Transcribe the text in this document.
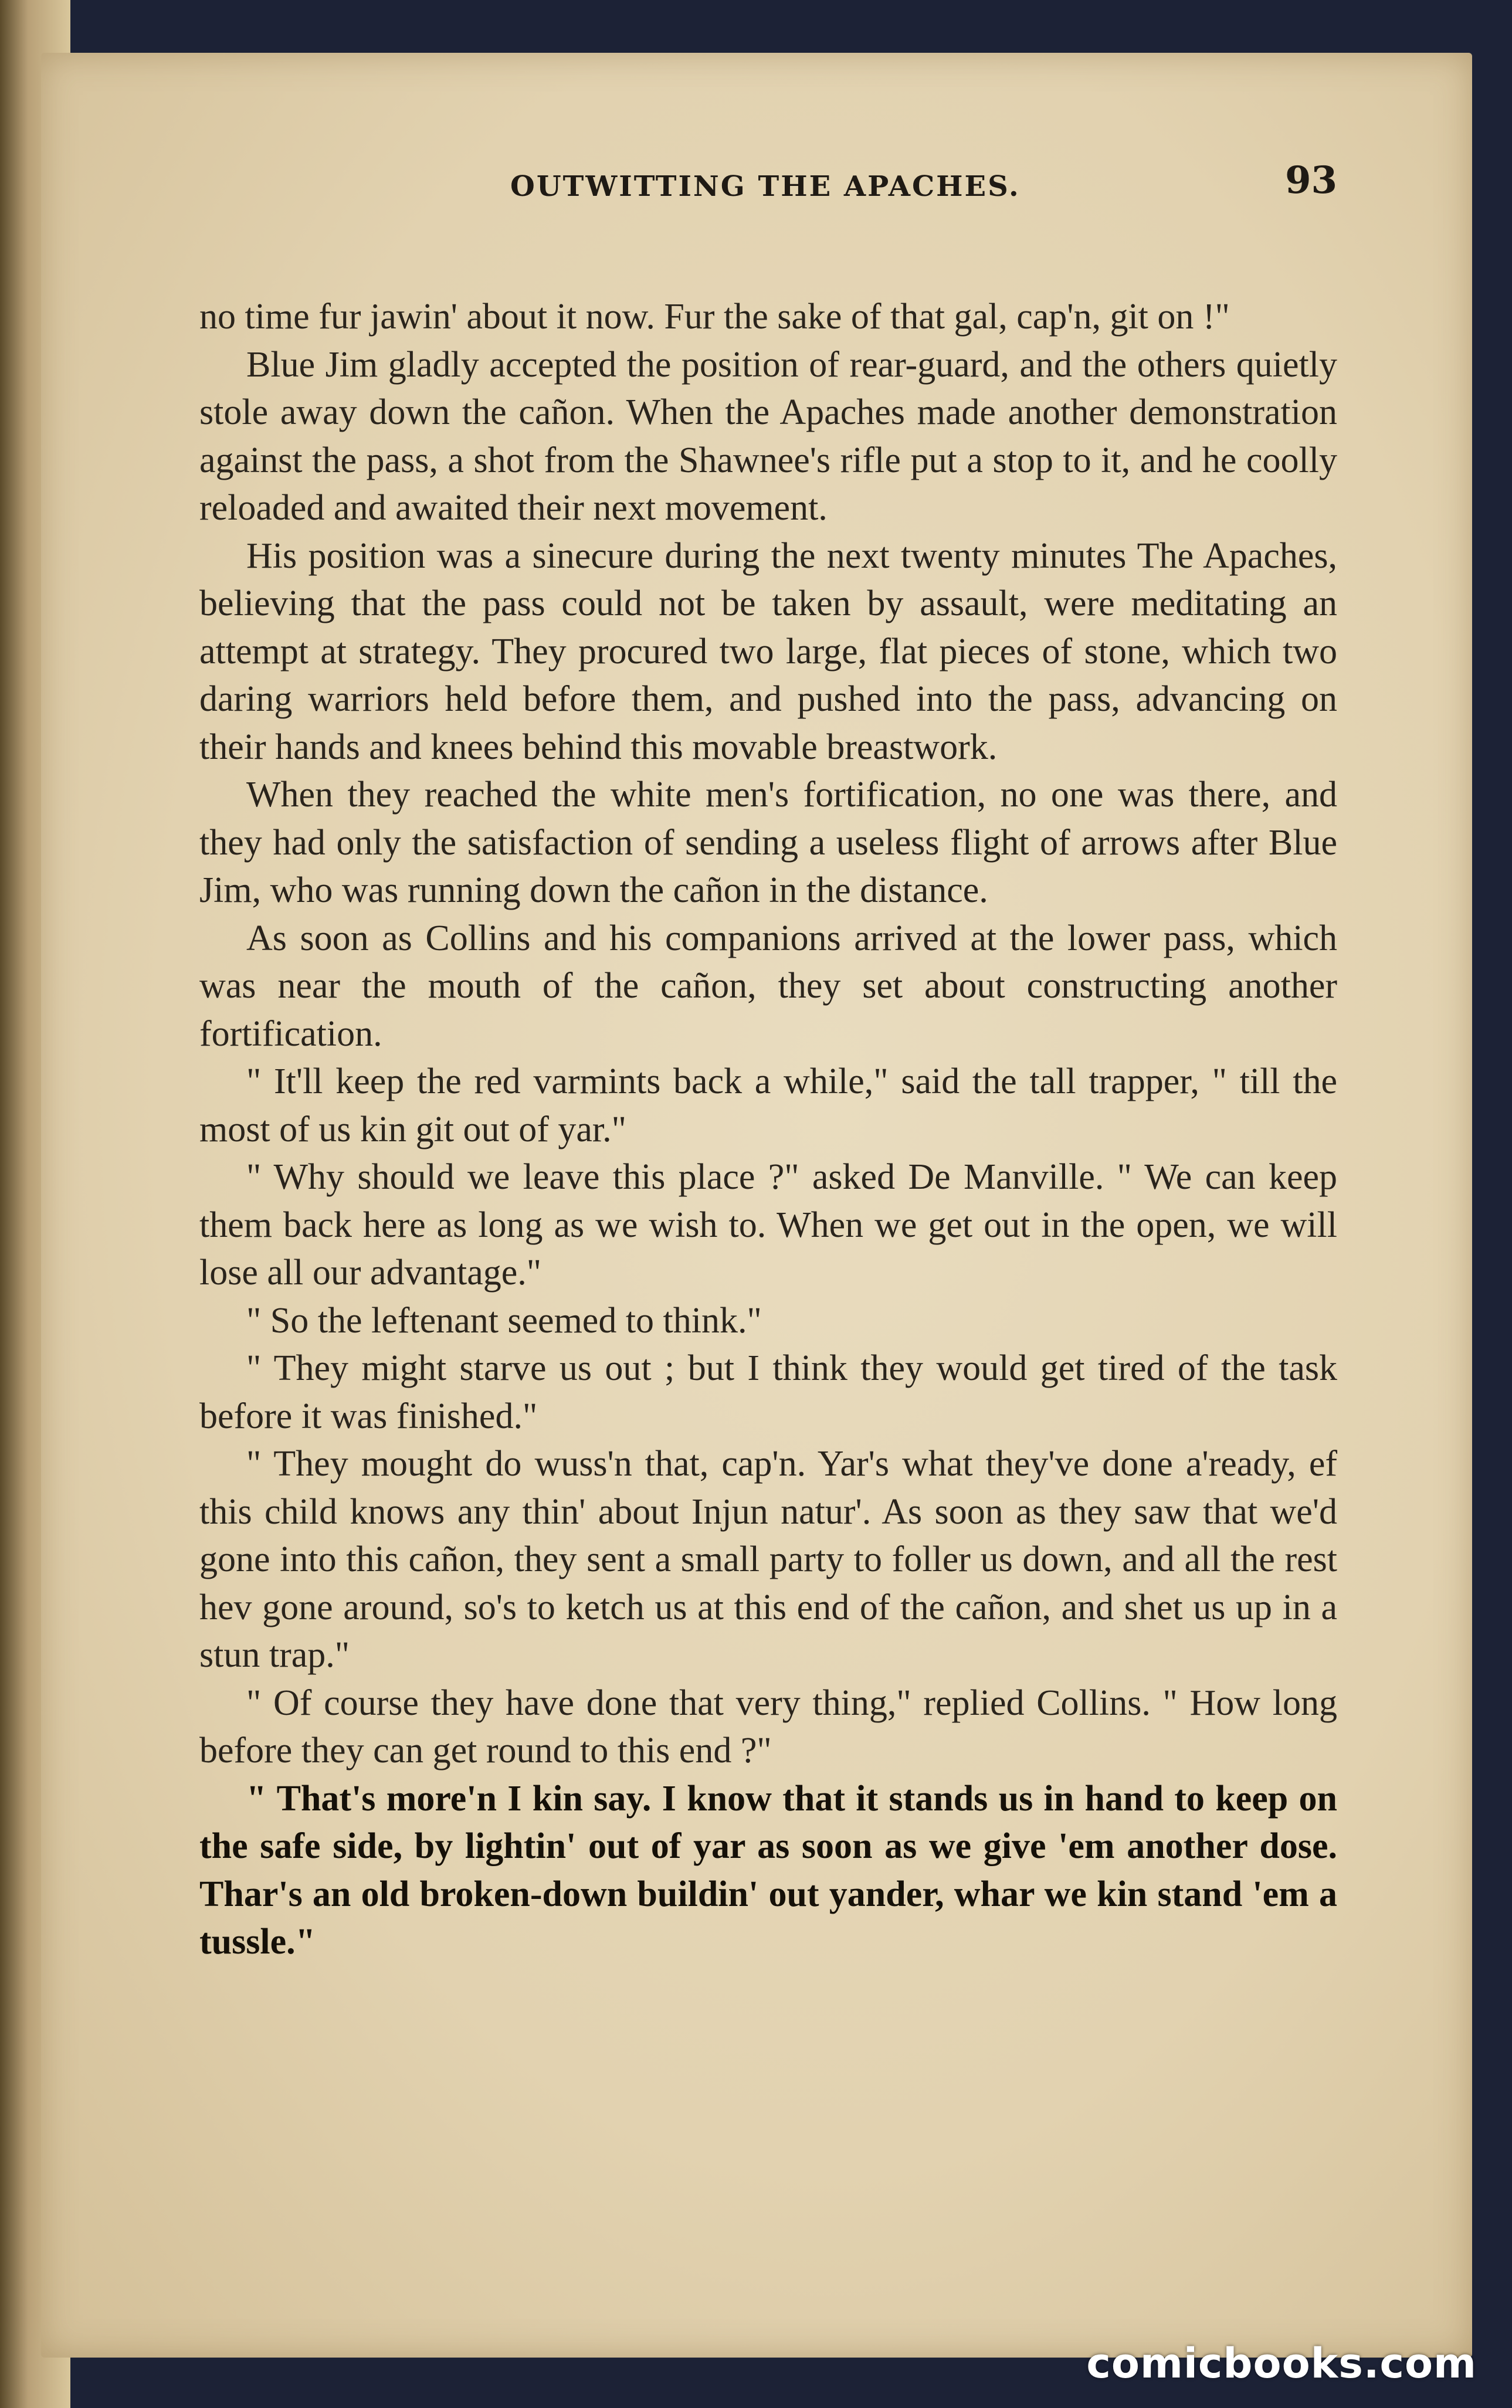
OUTWITTING THE APACHES.	93

no time fur jawin' about it now. Fur the sake of that gal, cap'n, git on !"

Blue Jim gladly accepted the position of rear-guard, and the others quietly stole away down the cañon. When the Apaches made another demonstration against the pass, a shot from the Shawnee's rifle put a stop to it, and he coolly reloaded and awaited their next movement.

His position was a sinecure during the next twenty minutes The Apaches, believing that the pass could not be taken by assault, were meditating an attempt at strategy. They procured two large, flat pieces of stone, which two daring warriors held before them, and pushed into the pass, advancing on their hands and knees behind this movable breastwork.

When they reached the white men's fortification, no one was there, and they had only the satisfaction of sending a useless flight of arrows after Blue Jim, who was running down the cañon in the distance.

As soon as Collins and his companions arrived at the lower pass, which was near the mouth of the cañon, they set about constructing another fortification.

" It'll keep the red varmints back a while," said the tall trapper, " till the most of us kin git out of yar."

" Why should we leave this place ?" asked De Manville. " We can keep them back here as long as we wish to. When we get out in the open, we will lose all our advantage."

" So the leftenant seemed to think."

" They might starve us out ; but I think they would get tired of the task before it was finished."

" They mought do wuss'n that, cap'n. Yar's what they've done a'ready, ef this child knows any thin' about Injun natur'. As soon as they saw that we'd gone into this cañon, they sent a small party to foller us down, and all the rest hev gone around, so's to ketch us at this end of the cañon, and shet us up in a stun trap."

" Of course they have done that very thing," replied Collins. " How long before they can get round to this end ?"

" That's more'n I kin say. I know that it stands us in hand to keep on the safe side, by lightin' out of yar as soon as we give 'em another dose. Thar's an old broken-down buildin' out yander, whar we kin stand 'em a tussle."

comicbooks.com
